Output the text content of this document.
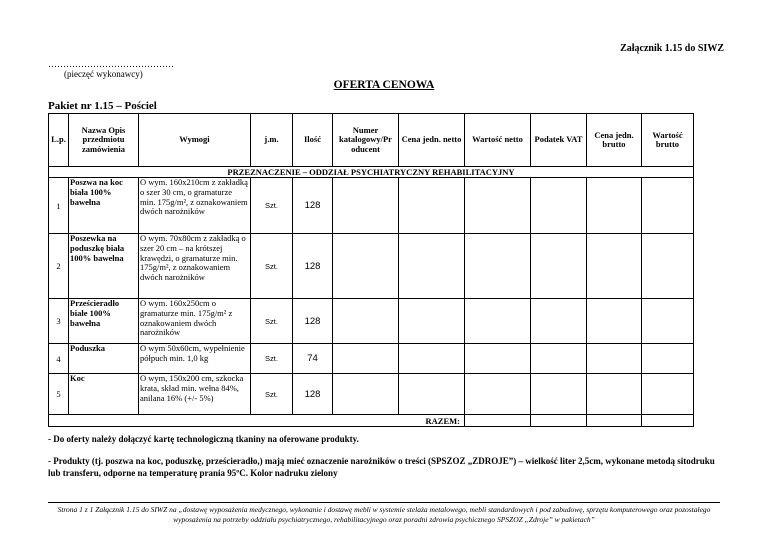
Załącznik 1.15 do SIWZ
……………………………………
(pieczęć wykonawcy)
OFERTA CENOWA
Pakiet nr 1.15 – Pościel
L.p.	Nazwa Opis przedmiotu zamówienia	Wymogi	j.m.	Ilość	Numer katalogowy/Pr oducent	Cena jedn. netto	Wartość netto	Podatek VAT	Cena jedn. brutto	Wartość brutto
PRZEZNACZENIE – ODDZIAŁ PSYCHIATRYCZNY REHABILITACYJNY										
1	Poszwa na koc biała 100% bawełna	O wym. 160x210cm z zakładką o szer 30 cm, o gramaturze min. 175g/m², z oznakowaniem dwóch narożników	Szt.	128						
2	Poszewka na poduszkę biała 100% bawełna	O wym. 70x80cm z zakładką o szer 20 cm – na krótszej krawędzi, o gramaturze min. 175g/m², z oznakowaniem dwóch narożników	Szt.	128						
3	Prześcieradło białe 100% bawełna	O wym. 160x250cm o gramaturze min. 175g/m² z oznakowaniem dwóch narożników	Szt.	128						
4	Poduszka	O wym 50x60cm, wypełnienie półpuch min. 1,0 kg	Szt.	74						
5	Koc	O wym, 150x200 cm, szkocka krata, skład min. wełna 84%, anilana 16% (+/- 5%)	Szt.	128						
RAZEM:										
- Do oferty należy dołączyć kartę technologiczną tkaniny na oferowane produkty.
- Produkty (tj. poszwa na koc, poduszkę, prześcieradło,) mają mieć oznaczenie narożników o treści (SPSZOZ „ZDROJE”) – wielkość liter 2,5cm, wykonane metodą sitodruku lub transferu, odporne na temperaturę prania 95ºC. Kolor nadruku zielony
Strona 1 z 1 Załącznik 1.15 do SIWZ na „dostawę wyposażenia medycznego, wykonanie i dostawę mebli w systemie stelaża metalowego, mebli standardowych i pod zabudowę, sprzętu komputerowego oraz pozostałego wyposażenia na potrzeby oddziału psychiatrycznego, rehabilitacyjnego oraz poradni zdrowia psychicznego SPSZOZ „Zdroje” w pakietach”
